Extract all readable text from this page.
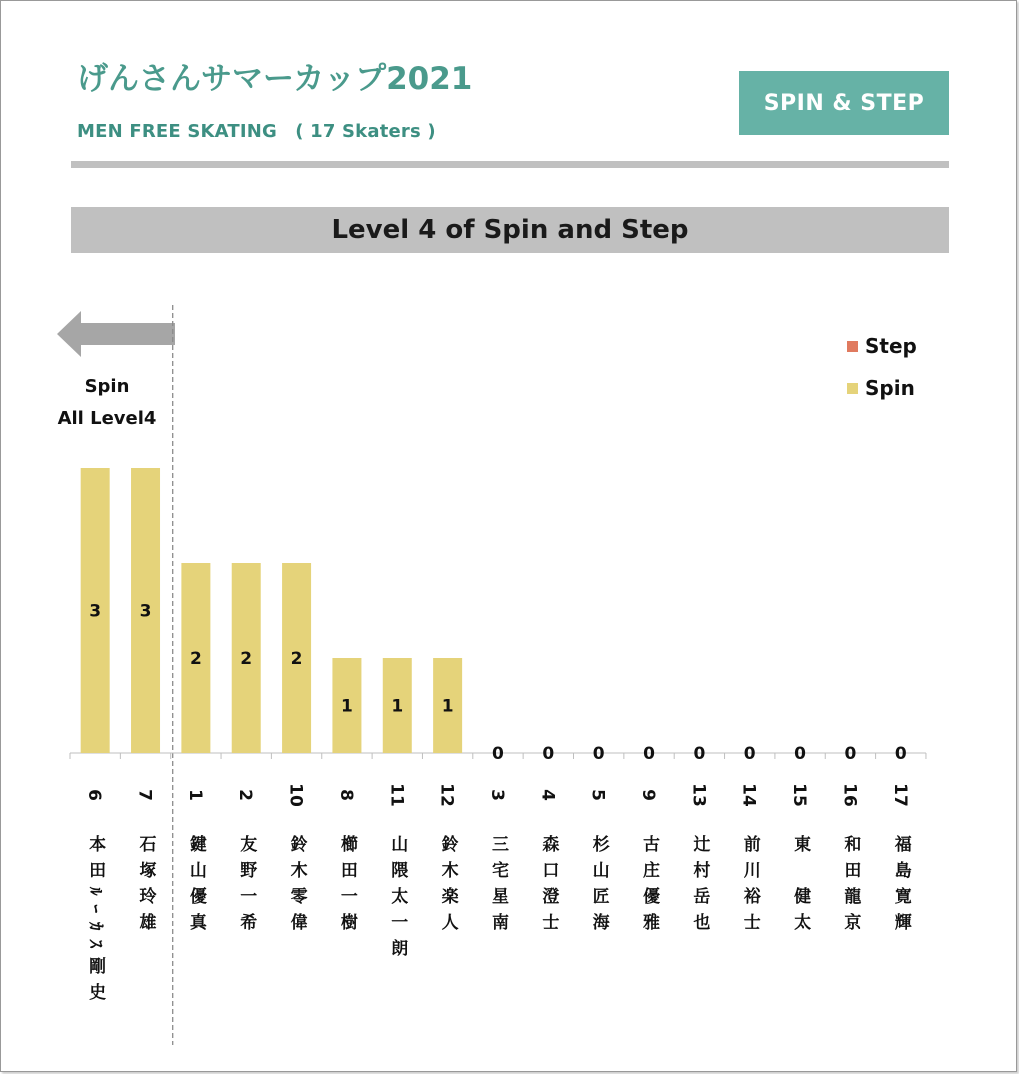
げんさんサマーカップ2021
MEN FREE SKATING　( 17 Skaters )
SPIN & STEP
Level 4 of Spin and Step
Spin
All Level4
Step
Spin
3
6
本田ﾙｰｶｽ剛史
3
7
石塚玲雄
2
1
鍵山優真
2
2
友野一希
2
10
鈴木零偉
1
8
櫛田一樹
1
11
山隈太一朗
1
12
鈴木楽人
0
3
三宅星南
0
4
森口澄士
0
5
杉山匠海
0
9
古庄優雅
0
13
辻村岳也
0
14
前川裕士
0
15
東　健太
0
16
和田龍京
0
17
福島寛輝
